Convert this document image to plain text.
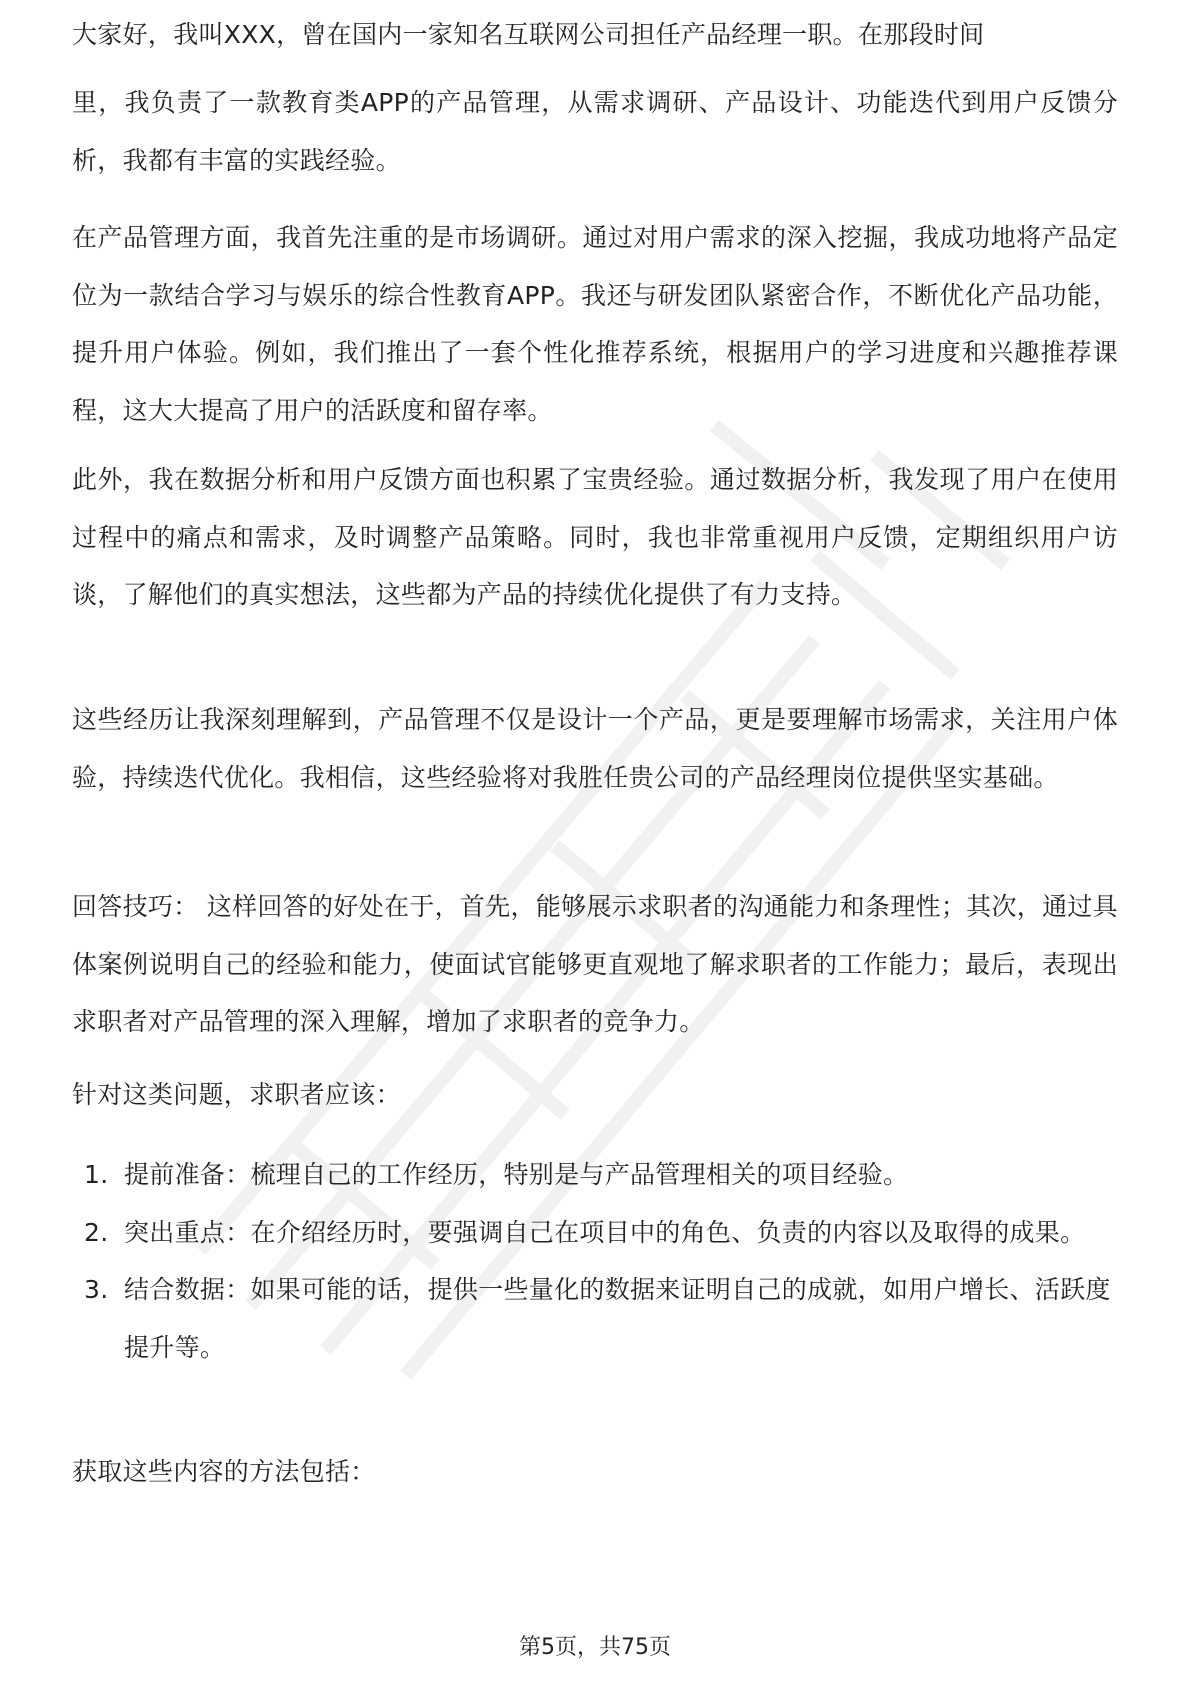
大家好，我叫XXX，曾在国内一家知名互联网公司担任产品经理一职。在那段时间

里，我负责了一款教育类APP的产品管理，从需求调研、产品设计、功能迭代到用户反馈分析，我都有丰富的实践经验。

在产品管理方面，我首先注重的是市场调研。通过对用户需求的深入挖掘，我成功地将产品定位为一款结合学习与娱乐的综合性教育APP。我还与研发团队紧密合作，不断优化产品功能，提升用户体验。例如，我们推出了一套个性化推荐系统，根据用户的学习进度和兴趣推荐课程，这大大提高了用户的活跃度和留存率。

此外，我在数据分析和用户反馈方面也积累了宝贵经验。通过数据分析，我发现了用户在使用过程中的痛点和需求，及时调整产品策略。同时，我也非常重视用户反馈，定期组织用户访谈，了解他们的真实想法，这些都为产品的持续优化提供了有力支持。

这些经历让我深刻理解到，产品管理不仅是设计一个产品，更是要理解市场需求，关注用户体验，持续迭代优化。我相信，这些经验将对我胜任贵公司的产品经理岗位提供坚实基础。

回答技巧： 这样回答的好处在于，首先，能够展示求职者的沟通能力和条理性；其次，通过具体案例说明自己的经验和能力，使面试官能够更直观地了解求职者的工作能力；最后，表现出求职者对产品管理的深入理解，增加了求职者的竞争力。

针对这类问题，求职者应该：

1. 提前准备：梳理自己的工作经历，特别是与产品管理相关的项目经验。
2. 突出重点：在介绍经历时，要强调自己在项目中的角色、负责的内容以及取得的成果。
3. 结合数据：如果可能的话，提供一些量化的数据来证明自己的成就，如用户增长、活跃度提升等。

获取这些内容的方法包括：

第5页，共75页
